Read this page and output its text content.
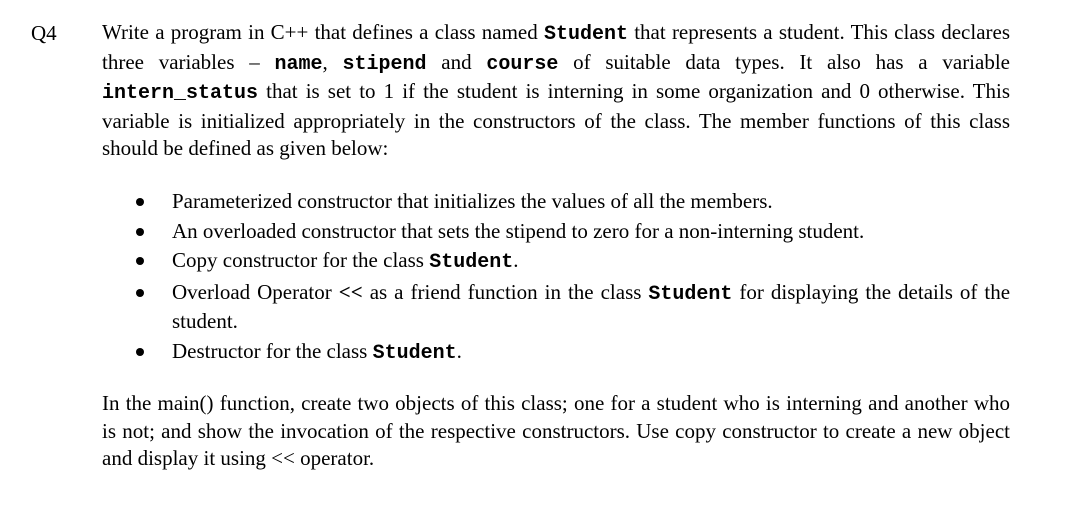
Q4 Write a program in C++ that defines a class named Student that represents a student. This class declares three variables – name, stipend and course of suitable data types. It also has a variable intern_status that is set to 1 if the student is interning in some organization and 0 otherwise. This variable is initialized appropriately in the constructors of the class. The member functions of this class should be defined as given below:

Parameterized constructor that initializes the values of all the members.
An overloaded constructor that sets the stipend to zero for a non-interning student.
Copy constructor for the class Student.
Overload Operator << as a friend function in the class Student for displaying the details of the student.
Destructor for the class Student.

In the main() function, create two objects of this class; one for a student who is interning and another who is not; and show the invocation of the respective constructors. Use copy constructor to create a new object and display it using << operator.
